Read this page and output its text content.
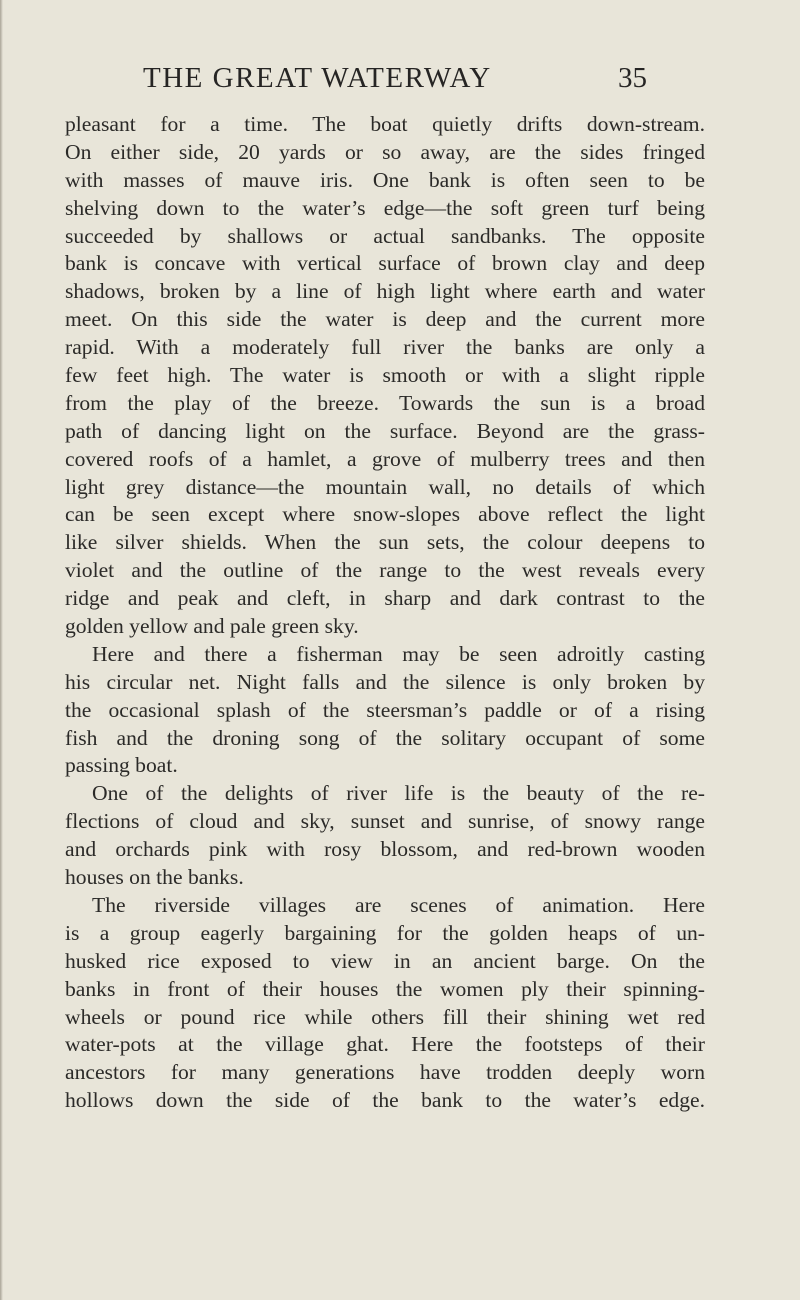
THE GREAT WATERWAY	35
pleasant for a time. The boat quietly drifts down-stream.
On either side, 20 yards or so away, are the sides fringed
with masses of mauve iris. One bank is often seen to be
shelving down to the water’s edge—the soft green turf being
succeeded by shallows or actual sandbanks. The opposite
bank is concave with vertical surface of brown clay and deep
shadows, broken by a line of high light where earth and water
meet. On this side the water is deep and the current more
rapid. With a moderately full river the banks are only a
few feet high. The water is smooth or with a slight ripple
from the play of the breeze. Towards the sun is a broad
path of dancing light on the surface. Beyond are the grass-
covered roofs of a hamlet, a grove of mulberry trees and then
light grey distance—the mountain wall, no details of which
can be seen except where snow-slopes above reflect the light
like silver shields. When the sun sets, the colour deepens to
violet and the outline of the range to the west reveals every
ridge and peak and cleft, in sharp and dark contrast to the
golden yellow and pale green sky.
Here and there a fisherman may be seen adroitly casting
his circular net. Night falls and the silence is only broken by
the occasional splash of the steersman’s paddle or of a rising
fish and the droning song of the solitary occupant of some
passing boat.
One of the delights of river life is the beauty of the re-
flections of cloud and sky, sunset and sunrise, of snowy range
and orchards pink with rosy blossom, and red-brown wooden
houses on the banks.
The riverside villages are scenes of animation. Here
is a group eagerly bargaining for the golden heaps of un-
husked rice exposed to view in an ancient barge. On the
banks in front of their houses the women ply their spinning-
wheels or pound rice while others fill their shining wet red
water-pots at the village ghat. Here the footsteps of their
ancestors for many generations have trodden deeply worn
hollows down the side of the bank to the water’s edge.
